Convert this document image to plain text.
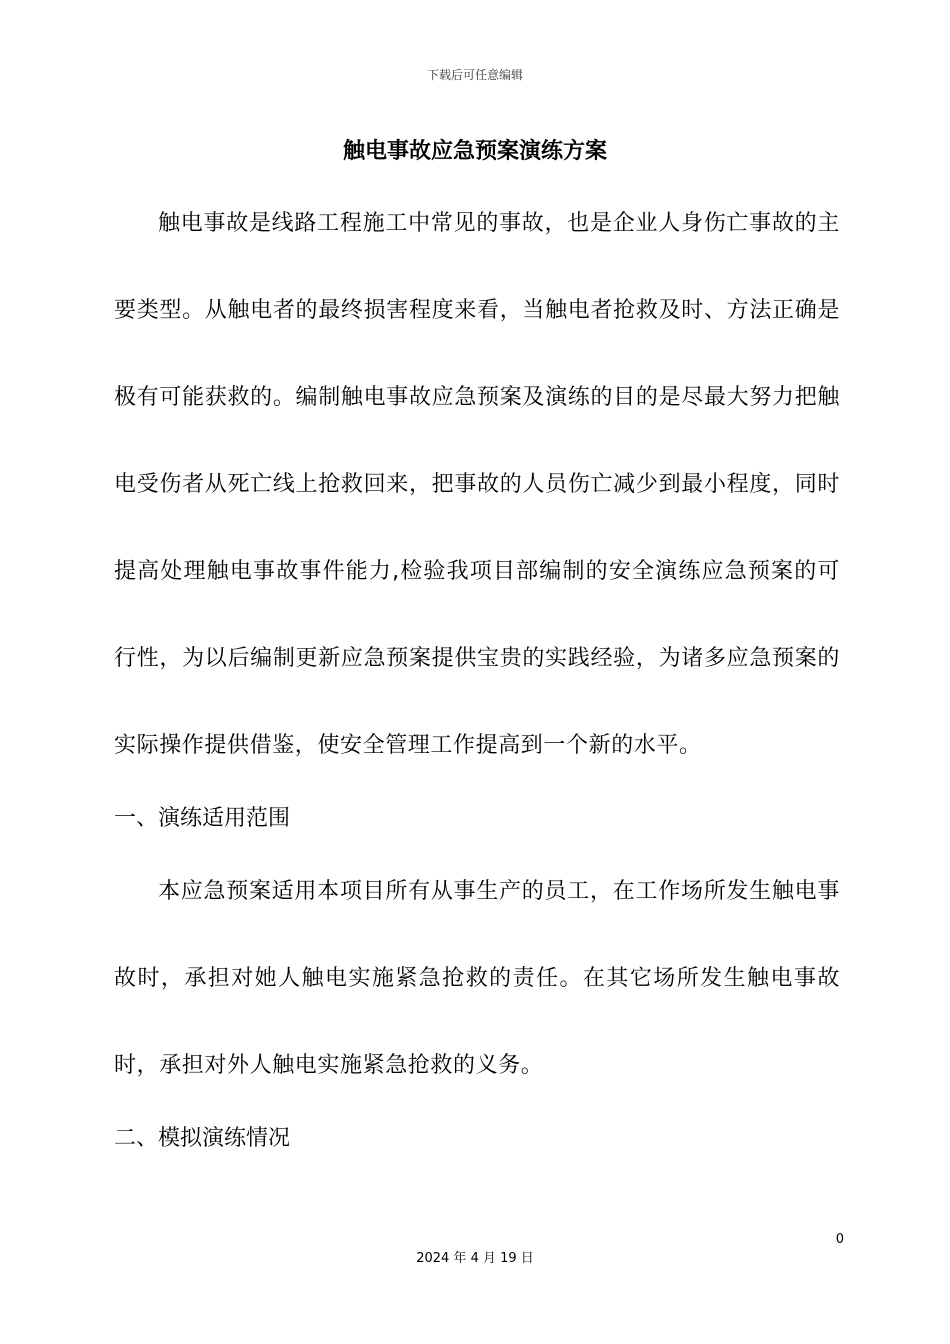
下载后可任意编辑
触电事故应急预案演练方案

触电事故是线路工程施工中常见的事故，也是企业人身伤亡事故的主要类型。从触电者的最终损害程度来看，当触电者抢救及时、方法正确是极有可能获救的。编制触电事故应急预案及演练的目的是尽最大努力把触电受伤者从死亡线上抢救回来，把事故的人员伤亡减少到最小程度，同时提高处理触电事故事件能力,检验我项目部编制的安全演练应急预案的可行性，为以后编制更新应急预案提供宝贵的实践经验，为诸多应急预案的实际操作提供借鉴，使安全管理工作提高到一个新的水平。

一、演练适用范围

本应急预案适用本项目所有从事生产的员工，在工作场所发生触电事故时，承担对她人触电实施紧急抢救的责任。在其它场所发生触电事故时，承担对外人触电实施紧急抢救的义务。

二、模拟演练情况

0
2024 年 4 月 19 日
